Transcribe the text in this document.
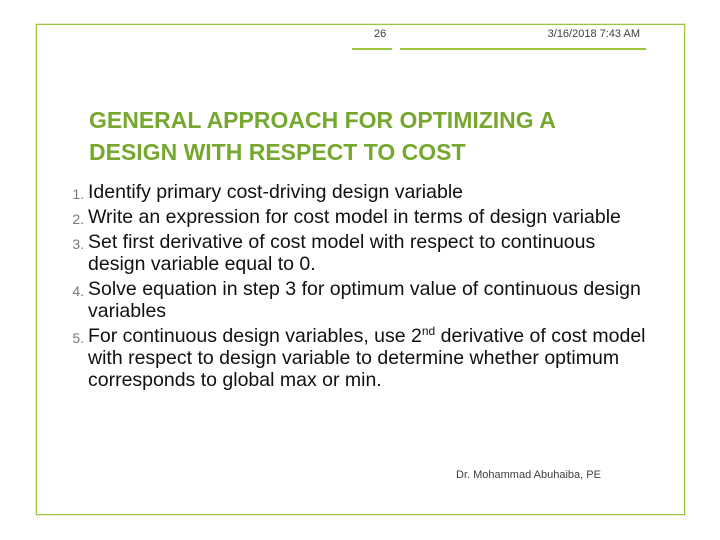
26	3/16/2018 7:43 AM
GENERAL APPROACH FOR OPTIMIZING A
DESIGN WITH RESPECT TO COST
1. Identify primary cost-driving design variable
2. Write an expression for cost model in terms of design variable
3. Set first derivative of cost model with respect to continuous design variable equal to 0.
4. Solve equation in step 3 for optimum value of continuous design variables
5. For continuous design variables, use 2nd derivative of cost model with respect to design variable to determine whether optimum corresponds to global max or min.
Dr. Mohammad Abuhaiba, PE
